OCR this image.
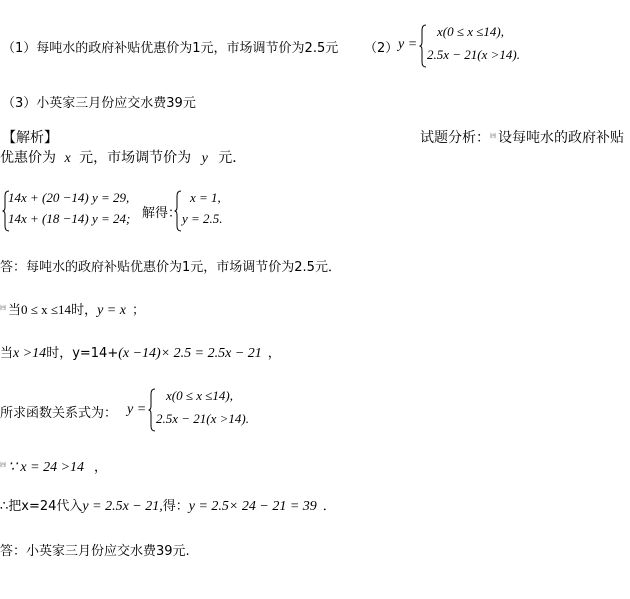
（1）每吨水的政府补贴优惠价为1元，市场调节价为2.5元 （2） y =
x(0 ≤ x ≤14),
2.5x − 21(x >14).
（3）小英家三月份应交水费39元
【解析】	试题分析：$^㈣$ 设每吨水的政府补贴
优惠价为 x 元，市场调节价为 y 元．
14x + (20 −14) y = 29,
14x + (18 −14) y = 24; 解得：
x = 1,
y = 2.5.
答：每吨水的政府补贴优惠价为1元，市场调节价为2.5元．
$^㈣$ 当0 ≤ x ≤14时，y = x ；
当x >14时，y=14+(x −14)× 2.5 = 2.5x − 21 ，
所求函数关系式为： y =
x(0 ≤ x ≤14),
2.5x − 21(x >14).
$^㈣$ ∵ x = 24 >14 ，
∴把x=24代入y = 2.5x − 21,得：y = 2.5× 24 − 21 = 39 ．
答：小英家三月份应交水费39元.
